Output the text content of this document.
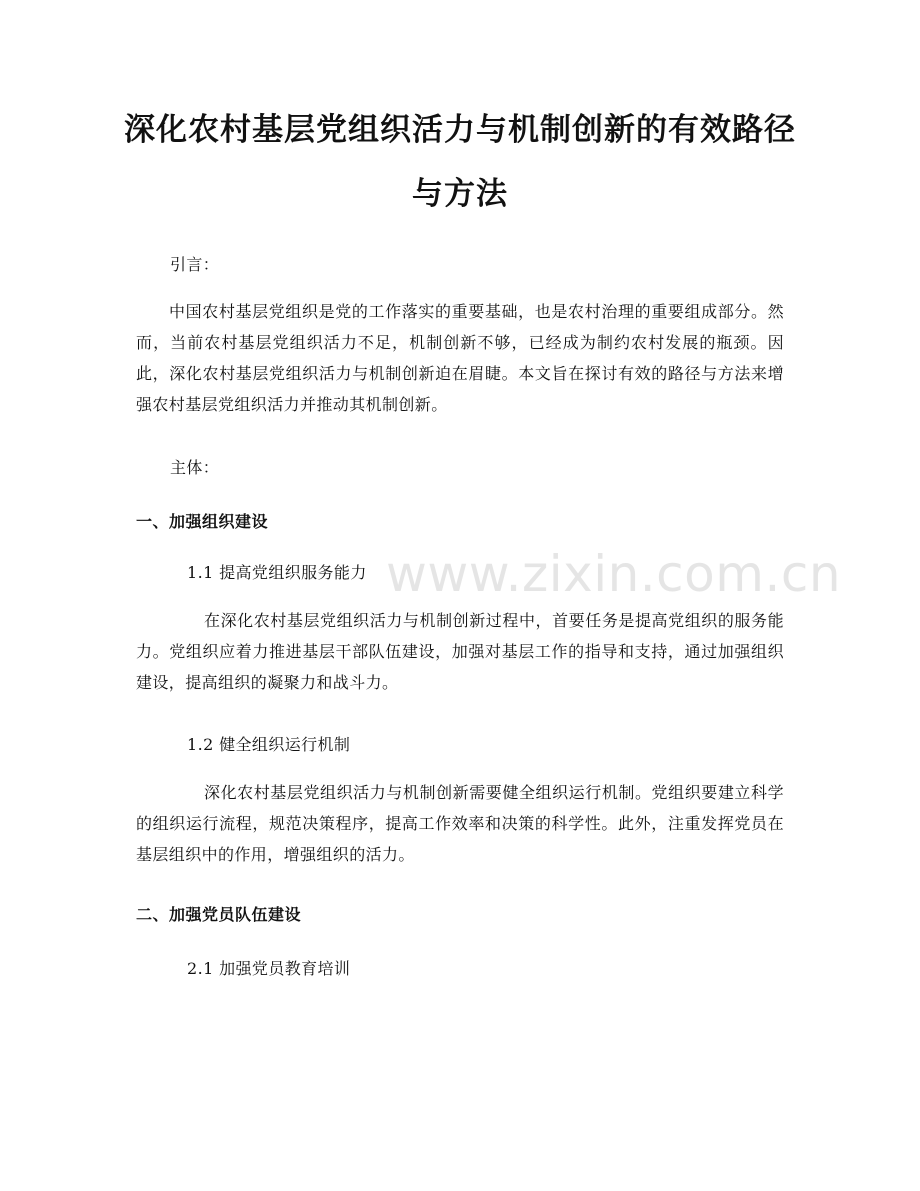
深化农村基层党组织活力与机制创新的有效路径与方法
引言：
中国农村基层党组织是党的工作落实的重要基础，也是农村治理的重要组成部分。然而，当前农村基层党组织活力不足，机制创新不够，已经成为制约农村发展的瓶颈。因此，深化农村基层党组织活力与机制创新迫在眉睫。本文旨在探讨有效的路径与方法来增强农村基层党组织活力并推动其机制创新。
主体：
一、加强组织建设
1.1 提高党组织服务能力
在深化农村基层党组织活力与机制创新过程中，首要任务是提高党组织的服务能力。党组织应着力推进基层干部队伍建设，加强对基层工作的指导和支持，通过加强组织建设，提高组织的凝聚力和战斗力。
1.2 健全组织运行机制
深化农村基层党组织活力与机制创新需要健全组织运行机制。党组织要建立科学的组织运行流程，规范决策程序，提高工作效率和决策的科学性。此外，注重发挥党员在基层组织中的作用，增强组织的活力。
二、加强党员队伍建设
2.1 加强党员教育培训
www.zixin.com.cn
